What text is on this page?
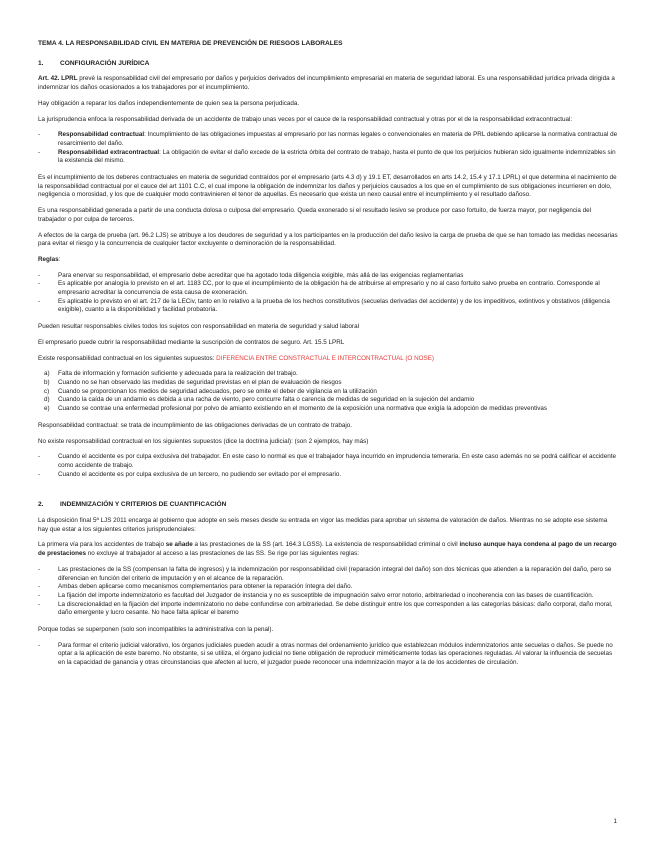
TEMA 4. LA RESPONSABILIDAD CIVIL EN MATERIA DE PREVENCIÓN DE RIESGOS LABORALES
1.	CONFIGURACIÓN JURÍDICA

Art. 42. LPRL prevé la responsabilidad civil del empresario por daños y perjuicios derivados del incumplimiento empresarial en materia de seguridad laboral. Es una responsabilidad jurídica privada dirigida a indemnizar los daños ocasionados a los trabajadores por el incumplimiento.

Hay obligación a reparar los daños independientemente de quien sea la persona perjudicada.

La jurisprudencia enfoca la responsabilidad derivada de un accidente de trabajo unas veces por el cauce de la responsabilidad contractual y otras por el de la responsabilidad extracontractual:

- Responsabilidad contractual: Incumplimiento de las obligaciones impuestas al empresario por las normas legales o convencionales en materia de PRL debiendo aplicarse la normativa contractual de resarcimiento del daño.
- Responsabilidad extracontractual: La obligación de evitar el daño excede de la estricta órbita del contrato de trabajo, hasta el punto de que los perjuicios hubieran sido igualmente indemnizables sin la existencia del mismo.

Es el incumplimiento de los deberes contractuales en materia de seguridad contraídos por el empresario (arts 4.3 d) y 19.1 ET, desarrollados en arts 14.2, 15.4 y 17.1 LPRL) el que determina el nacimiento de la responsabilidad contractual por el cauce del art 1101 C.C, el cual impone la obligación de indemnizar los daños y perjuicios causados a los que en el cumplimiento de sus obligaciones incurrieren en dolo, negligencia o morosidad, y los que de cualquier modo contravinieren el tenor de aquellas. Es necesario que exista un nexo causal entre el incumplimiento y el resultado dañoso.

Es una responsabilidad generada a partir de una conducta dolosa o culposa del empresario. Queda exonerado si el resultado lesivo se produce por caso fortuito, de fuerza mayor, por negligencia del trabajador o por culpa de terceros.

A efectos de la carga de prueba (art. 96.2 LJS) se atribuye a los deudores de seguridad y a los participantes en la producción del daño lesivo la carga de prueba de que se han tomado las medidas necesarias para evitar el riesgo y la concurrencia de cualquier factor excluyente o deminoración de la responsabilidad.

Reglas:

- Para enervar su responsabilidad, el empresario debe acreditar que ha agotado toda diligencia exigible, más allá de las exigencias reglamentarias
- Es aplicable por analogía lo previsto en el art. 1183 CC, por lo que el incumplimiento de la obligación ha de atribuirse al empresario y no al caso fortuito salvo prueba en contrario. Corresponde al empresario acreditar la concurrencia de esta causa de exoneración.
- Es aplicable lo previsto en el art. 217 de la LECiv, tanto en lo relativo a la prueba de los hechos constitutivos (secuelas derivadas del accidente) y de los impeditivos, extintivos y obstativos (diligencia exigible), cuanto a la disponibilidad y facilidad probatoria.

Pueden resultar responsables civiles todos los sujetos con responsabilidad en materia de seguridad y salud laboral

El empresario puede cubrir la responsabilidad mediante la suscripción de contratos de seguro. Art. 15.5 LPRL

Existe responsabilidad contractual en los siguientes supuestos: DIFERENCIA ENTRE CONSTRACTUAL E INTERCONTRACTUAL (O NOSE)

a)	Falta de información y formación suficiente y adecuada para la realización del trabajo.
b)	Cuando no se han observado las medidas de seguridad previstas en el plan de evaluación de riesgos
c)	Cuando se proporcionan los medios de seguridad adecuados, pero se omite el deber de vigilancia en la utilización
d)	Cuando la caída de un andamio es debida a una racha de viento, pero concurre falta o carencia de medidas de seguridad en la sujeción del andamio
e)	Cuando se contrae una enfermedad profesional por polvo de amianto existiendo en el momento de la exposición una normativa que exigía la adopción de medidas preventivas

Responsabilidad contractual: se trata de incumplimiento de las obligaciones derivadas de un contrato de trabajo.

No existe responsabilidad contractual en los siguientes supuestos (dice la doctrina judicial): (son 2 ejemplos, hay más)

- Cuando el accidente es por culpa exclusiva del trabajador. En este caso lo normal es que el trabajador haya incurrido en imprudencia temeraria. En este caso además no se podrá calificar el accidente como accidente de trabajo.
- Cuando el accidente es por culpa exclusiva de un tercero, no pudiendo ser evitado por el empresario.
2.	INDEMNIZACIÓN Y CRITERIOS DE CUANTIFICACIÓN

La disposición final 5ª LJS 2011 encarga al gobierno que adopte en seis meses desde su entrada en vigor las medidas para aprobar un sistema de valoración de daños. Mientras no se adopte ese sistema hay que estar a los siguientes criterios jurisprudenciales:

La primera vía para los accidentes de trabajo se añade a las prestaciones de la SS (art. 164.3 LGSS). La existencia de responsabilidad criminal o civil incluso aunque haya condena al pago de un recargo de prestaciones no excluye al trabajador al acceso a las prestaciones de las SS. Se rige por las siguientes reglas:

- Las prestaciones de la SS (compensan la falta de ingresos) y la indemnización por responsabilidad civil (reparación integral del daño) son dos técnicas que atienden a la reparación del daño, pero se diferencian en función del criterio de imputación y en el alcance de la reparación.
- Ambas deben aplicarse como mecanismos complementarios para obtener la reparación íntegra del daño.
- La fijación del importe indemnizatorio es facultad del Juzgador de instancia y no es susceptible de impugnación salvo error notorio, arbitrariedad o incoherencia con las bases de cuantificación.
- La discrecionalidad en la fijación del importe indemnizatorio no debe confundirse con arbitrariedad. Se debe distinguir entre los que corresponden a las categorías básicas: daño corporal, daño moral, daño emergente y lucro cesante. No hace falta aplicar el baremo

Porque todas se superponen (solo son incompatibles la administrativa con la penal).

- Para formar el criterio judicial valorativo, los órganos judiciales pueden acudir a otras normas del ordenamiento jurídico que establezcan módulos indemnizatorios ante secuelas o daños. Se puede no optar a la aplicación de este baremo. No obstante, si se utiliza, el órgano judicial no tiene obligación de reproducir miméticamente todas las operaciones reguladas. Al valorar la influencia de secuelas en la capacidad de ganancia y otras circunstancias que afecten al lucro, el juzgador puede reconocer una indemnización mayor a la de los accidentes de circulación.
1
